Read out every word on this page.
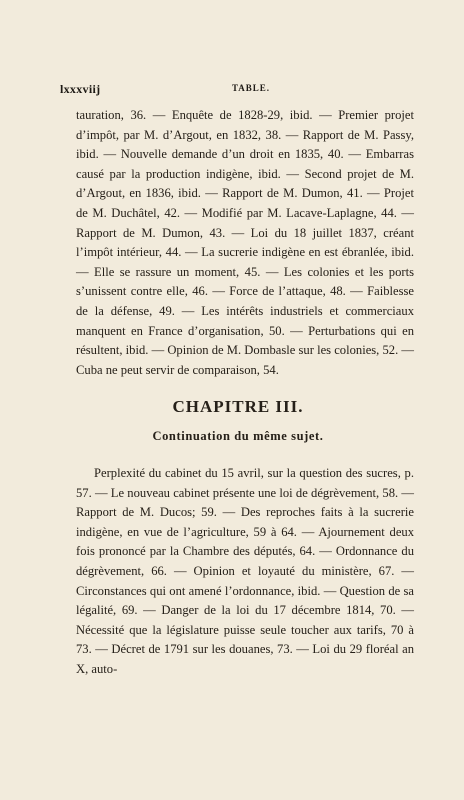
lxxxviij	TABLE.

tauration, 36. — Enquête de 1828-29, ibid. — Premier projet d’impôt, par M. d’Argout, en 1832, 38. — Rapport de M. Passy, ibid. — Nouvelle demande d’un droit en 1835, 40. — Embarras causé par la production indigène, ibid. — Second projet de M. d’Argout, en 1836, ibid. — Rapport de M. Dumon, 41. — Projet de M. Duchâtel, 42. — Modifié par M. Lacave-Laplagne, 44. — Rapport de M. Dumon, 43. — Loi du 18 juillet 1837, créant l’impôt intérieur, 44. — La sucrerie indigène en est ébranlée, ibid. — Elle se rassure un moment, 45. — Les colonies et les ports s’unissent contre elle, 46. — Force de l’attaque, 48. — Faiblesse de la défense, 49. — Les intérêts industriels et commerciaux manquent en France d’organisation, 50. — Perturbations qui en résultent, ibid. — Opinion de M. Dombasle sur les colonies, 52. — Cuba ne peut servir de comparaison, 54.

CHAPITRE III.
Continuation du même sujet.

Perplexité du cabinet du 15 avril, sur la question des sucres, p. 57. — Le nouveau cabinet présente une loi de dégrèvement, 58. — Rapport de M. Ducos; 59. — Des reproches faits à la sucrerie indigène, en vue de l’agriculture, 59 à 64. — Ajournement deux fois prononcé par la Chambre des députés, 64. — Ordonnance du dégrèvement, 66. — Opinion et loyauté du ministère, 67. — Circonstances qui ont amené l’ordonnance, ibid. — Question de sa légalité, 69. — Danger de la loi du 17 décembre 1814, 70. — Nécessité que la législature puisse seule toucher aux tarifs, 70 à 73. — Décret de 1791 sur les douanes, 73. — Loi du 29 floréal an X, auto-
